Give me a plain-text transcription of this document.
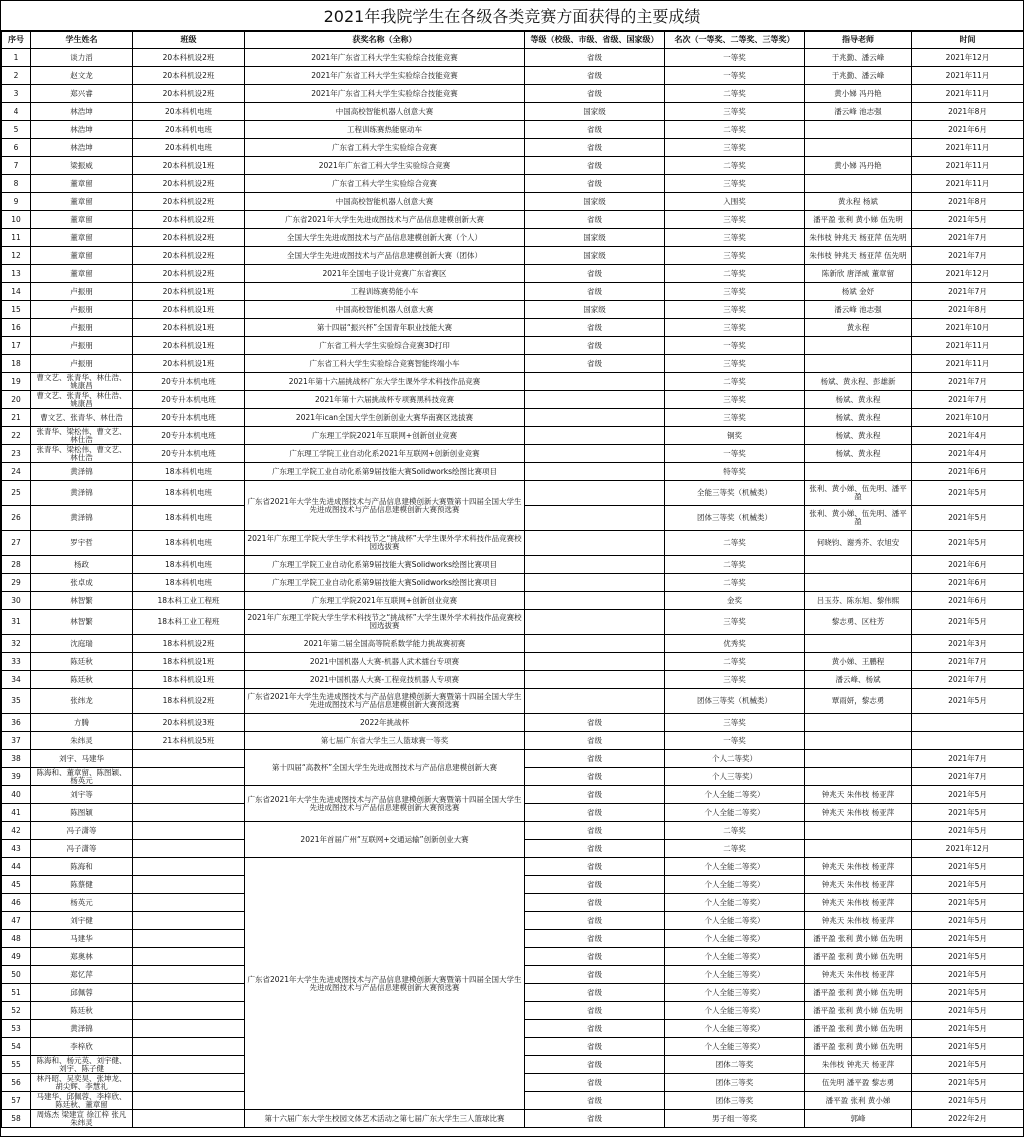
2021年我院学生在各级各类竞赛方面获得的主要成绩
序号	学生姓名	班级	获奖名称（全称）	等级（校级、市级、省级、国家级）	名次（一等奖、二等奖、三等奖）	指导老师	时间
1	谈力滔	20本科机设2班	2021年广东省工科大学生实验综合技能竞赛	省级	一等奖	于兆勤、潘云峰	2021年12月
2	赵文龙	20本科机设2班	2021年广东省工科大学生实验综合技能竞赛	省级	一等奖	于兆勤、潘云峰	2021年11月
3	郑兴睿	20本科机设2班	2021年广东省工科大学生实验综合技能竞赛	省级	二等奖	黄小娣 冯丹艳	2021年11月
4	林浩坤	20本科机电班	中国高校智能机器人创意大赛	国家级	三等奖	潘云峰 池志强	2021年8月
5	林浩坤	20本科机电班	工程训练赛热能驱动车	省级	二等奖		2021年6月
6	林浩坤	20本科机电班	广东省工科大学生实验综合竞赛	省级	三等奖		2021年11月
7	梁振威	20本科机设1班	2021年广东省工科大学生实验综合竞赛	省级	二等奖	黄小娣 冯丹艳	2021年11月
8	董章留	20本科机设2班	广东省工科大学生实验综合竞赛	省级	三等奖		2021年11月
9	董章留	20本科机设2班	中国高校智能机器人创意大赛	国家级	入围奖	黄永程 杨斌	2021年8月
10	董章留	20本科机设2班	广东省2021年大学生先进成图技术与产品信息建模创新大赛	省级	三等奖	潘平盈 张利 黄小娣 伍先明	2021年5月
11	董章留	20本科机设2班	全国大学生先进成图技术与产品信息建模创新大赛（个人）	国家级	三等奖	朱伟枝 钟兆天 杨亚萍 伍先明	2021年7月
12	董章留	20本科机设2班	全国大学生先进成图技术与产品信息建模创新大赛（团体）	国家级	三等奖	朱伟枝 钟兆天 杨亚萍 伍先明	2021年7月
13	董章留	20本科机设2班	2021年全国电子设计竞赛广东省赛区	省级	二等奖	陈新欣 唐泽威 董章留	2021年12月
14	卢振朋	20本科机设1班	工程训练赛势能小车	省级	三等奖	杨斌 金妤	2021年7月
15	卢振朋	20本科机设1班	中国高校智能机器人创意大赛	国家级	三等奖	潘云峰 池志强	2021年8月
16	卢振朋	20本科机设1班	第十四届“振兴杯”全国青年职业技能大赛	省级	三等奖	黄永程	2021年10月
17	卢振朋	20本科机设1班	广东省工科大学生实验综合竞赛3D打印	省级	一等奖		2021年11月
18	卢振朋	20本科机设1班	广东省工科大学生实验综合竞赛智能终端小车	省级	三等奖		2021年11月
19	曹文艺、张青华、林仕浩、姚康昌	20专升本机电班	2021年第十六届挑战杯广东大学生课外学术科技作品竞赛		二等奖	杨斌、黄永程、彭雄新	2021年7月
20	曹文艺、张青华、林仕浩、姚康昌	20专升本机电班	2021年第十六届挑战杯专项赛黑科技竞赛		三等奖	杨斌、黄永程	2021年7月
21	曹文艺、张青华、林仕浩	20专升本机电班	2021年ican全国大学生创新创业大赛华南赛区选拔赛		三等奖	杨斌、黄永程	2021年10月
22	张青华、梁松伟、曹文艺、林仕浩	20专升本机电班	广东理工学院2021年互联网+创新创业竞赛		铜奖	杨斌、黄永程	2021年4月
23	张青华、梁松伟、曹文艺、林仕浩	20专升本机电班	广东理工学院工业自动化系2021年互联网+创新创业竞赛		一等奖	杨斌、黄永程	2021年4月
24	黄泽锦	18本科机电班	广东理工学院工业自动化系第9届技能大赛Solidworks绘图比赛项目		特等奖		2021年6月
25	黄泽锦	18本科机电班	广东省2021年大学生先进成图技术与产品信息建模创新大赛暨第十四届全国大学生先进成图技术与产品信息建模创新大赛预选赛		全能三等奖（机械类）	张利、黄小娣、伍先明、潘平盈	2021年5月
26	黄泽锦	18本科机电班			团体三等奖（机械类）	张利、黄小娣、伍先明、潘平盈	2021年5月
27	罗宇哲	18本科机电班	2021年广东理工学院大学生学术科技节之“挑战杯”大学生课外学术科技作品竞赛校园选拔赛		二等奖	何晓钧、谢秀芥、农旭安	2021年5月
28	杨政	18本科机电班	广东理工学院工业自动化系第9届技能大赛Solidworks绘图比赛项目		二等奖		2021年6月
29	张卓成	18本科机电班	广东理工学院工业自动化系第9届技能大赛Solidworks绘图比赛项目		二等奖		2021年6月
30	林智繁	18本科工业工程班	广东理工学院2021年互联网+创新创业竞赛		金奖	吕玉芬、陈东旭、黎伟熙	2021年6月
31	林智繁	18本科工业工程班	2021年广东理工学院大学生学术科技节之“挑战杯”大学生课外学术科技作品竞赛校园选拔赛		三等奖	黎志勇、区柱芳	2021年5月
32	沈庭瑞	18本科机设2班	2021年第二届全国高等院系数学能力挑战赛初赛		优秀奖		2021年3月
33	陈廷秋	18本科机设1班	2021中国机器人大赛-机器人武术擂台专项赛		二等奖	黄小娣、王鹏程	2021年7月
34	陈廷秋	18本科机设1班	2021中国机器人大赛-工程竞技机器人专项赛		三等奖	潘云峰、杨斌	2021年7月
35	张纬龙	18本科机设2班	广东省2021年大学生先进成图技术与产品信息建模创新大赛暨第十四届全国大学生先进成图技术与产品信息建模创新大赛预选赛		团体三等奖（机械类）	覃雨妍，黎志勇	2021年5月
36	方腾	20本科机设3班	2022年挑战杯	省级	三等奖		
37	朱纬灵	21本科机设5班	第七届广东省大学生三人篮球赛一等奖	省级	一等奖		
38	刘宇、马建华		第十四届“高教杯”全国大学生先进成图技术与产品信息建模创新大赛	省级	个人二等奖）		2021年7月
39	陈海和、董章留、陈图颖、杨英元			省级	个人三等奖）		2021年7月
40	刘宇等		广东省2021年大学生先进成图技术与产品信息建模创新大赛暨第十四届全国大学生先进成图技术与产品信息建模创新大赛预选赛	省级	个人全能二等奖）	钟兆天 朱伟枝 杨亚萍	2021年5月
41	陈图颖			省级	个人全能二等奖）	钟兆天 朱伟枝 杨亚萍	2021年5月
42	冯子潇等		2021年首届广州“互联网+交通运输”创新创业大赛	省级	二等奖		2021年5月
43	冯子潇等			省级	二等奖		2021年12月
44	陈海和		广东省2021年大学生先进成图技术与产品信息建模创新大赛暨第十四届全国大学生先进成图技术与产品信息建模创新大赛预选赛	省级	个人全能二等奖）	钟兆天 朱伟枝 杨亚萍	2021年5月
45	陈蔡健			省级	个人全能二等奖）	钟兆天 朱伟枝 杨亚萍	2021年5月
46	杨英元			省级	个人全能二等奖）	钟兆天 朱伟枝 杨亚萍	2021年5月
47	刘宇健			省级	个人全能二等奖）	钟兆天 朱伟枝 杨亚萍	2021年5月
48	马建华			省级	个人全能二等奖）	潘平盈 张利 黄小娣 伍先明	2021年5月
49	郑奥林			省级	个人全能二等奖）	潘平盈 张利 黄小娣 伍先明	2021年5月
50	郑忆萍			省级	个人全能三等奖）	钟兆天 朱伟枝 杨亚萍	2021年5月
51	邱佩蓉			省级	个人全能三等奖）	潘平盈 张利 黄小娣 伍先明	2021年5月
52	陈廷秋			省级	个人全能三等奖）	潘平盈 张利 黄小娣 伍先明	2021年5月
53	黄泽锦			省级	个人全能三等奖）	潘平盈 张利 黄小娣 伍先明	2021年5月
54	李梓欣			省级	个人全能三等奖）	潘平盈 张利 黄小娣 伍先明	2021年5月
55	陈海和、杨元英、刘宇健、刘宇、陈子健			省级	团体二等奖	朱伟枝 钟兆天 杨亚萍	2021年5月
56	林丹昭、吴奕昊、张坤龙、胡尖辉、李慧礼			省级	团体三等奖	伍先明 潘平盈 黎志勇	2021年5月
57	马建华、邱佩蓉、李梓欣、陈廷秋、董章留			省级	团体三等奖	潘平盈 张利 黄小娣	2021年5月
58	周炼杰 梁建宣 徐江梓 张凡 朱纬灵		第十六届广东大学生校园文体艺术活动之第七届广东大学生三人篮球比赛	省级	男子组一等奖	郭峰	2022年2月
